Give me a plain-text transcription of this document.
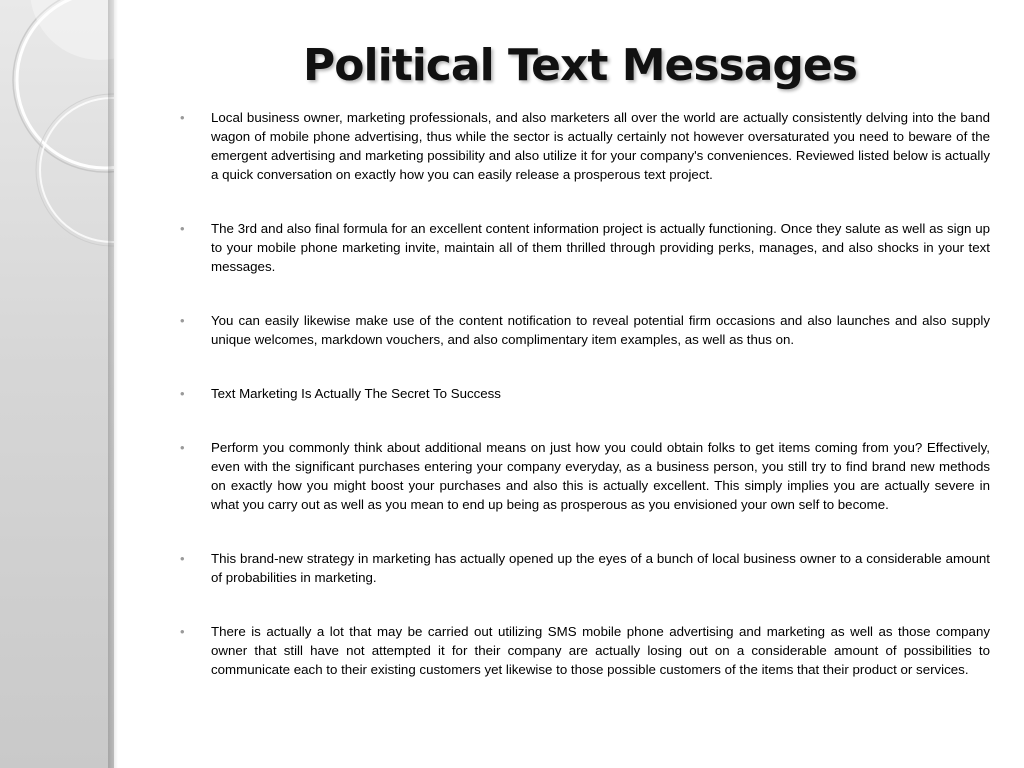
Political Text Messages
• Local business owner, marketing professionals, and also marketers all over the world are actually consistently delving into the band wagon of mobile phone advertising, thus while the sector is actually certainly not however oversaturated you need to beware of the emergent advertising and marketing possibility and also utilize it for your company's conveniences. Reviewed listed below is actually a quick conversation on exactly how you can easily release a prosperous text project.
• The 3rd and also final formula for an excellent content information project is actually functioning. Once they salute as well as sign up to your mobile phone marketing invite, maintain all of them thrilled through providing perks, manages, and also shocks in your text messages.
• You can easily likewise make use of the content notification to reveal potential firm occasions and also launches and also supply unique welcomes, markdown vouchers, and also complimentary item examples, as well as thus on.
• Text Marketing Is Actually The Secret To Success
• Perform you commonly think about additional means on just how you could obtain folks to get items coming from you? Effectively, even with the significant purchases entering your company everyday, as a business person, you still try to find brand new methods on exactly how you might boost your purchases and also this is actually excellent. This simply implies you are actually severe in what you carry out as well as you mean to end up being as prosperous as you envisioned your own self to become.
• This brand-new strategy in marketing has actually opened up the eyes of a bunch of local business owner to a considerable amount of probabilities in marketing.
• There is actually a lot that may be carried out utilizing SMS mobile phone advertising and marketing as well as those company owner that still have not attempted it for their company are actually losing out on a considerable amount of possibilities to communicate each to their existing customers yet likewise to those possible customers of the items that their product or services.
